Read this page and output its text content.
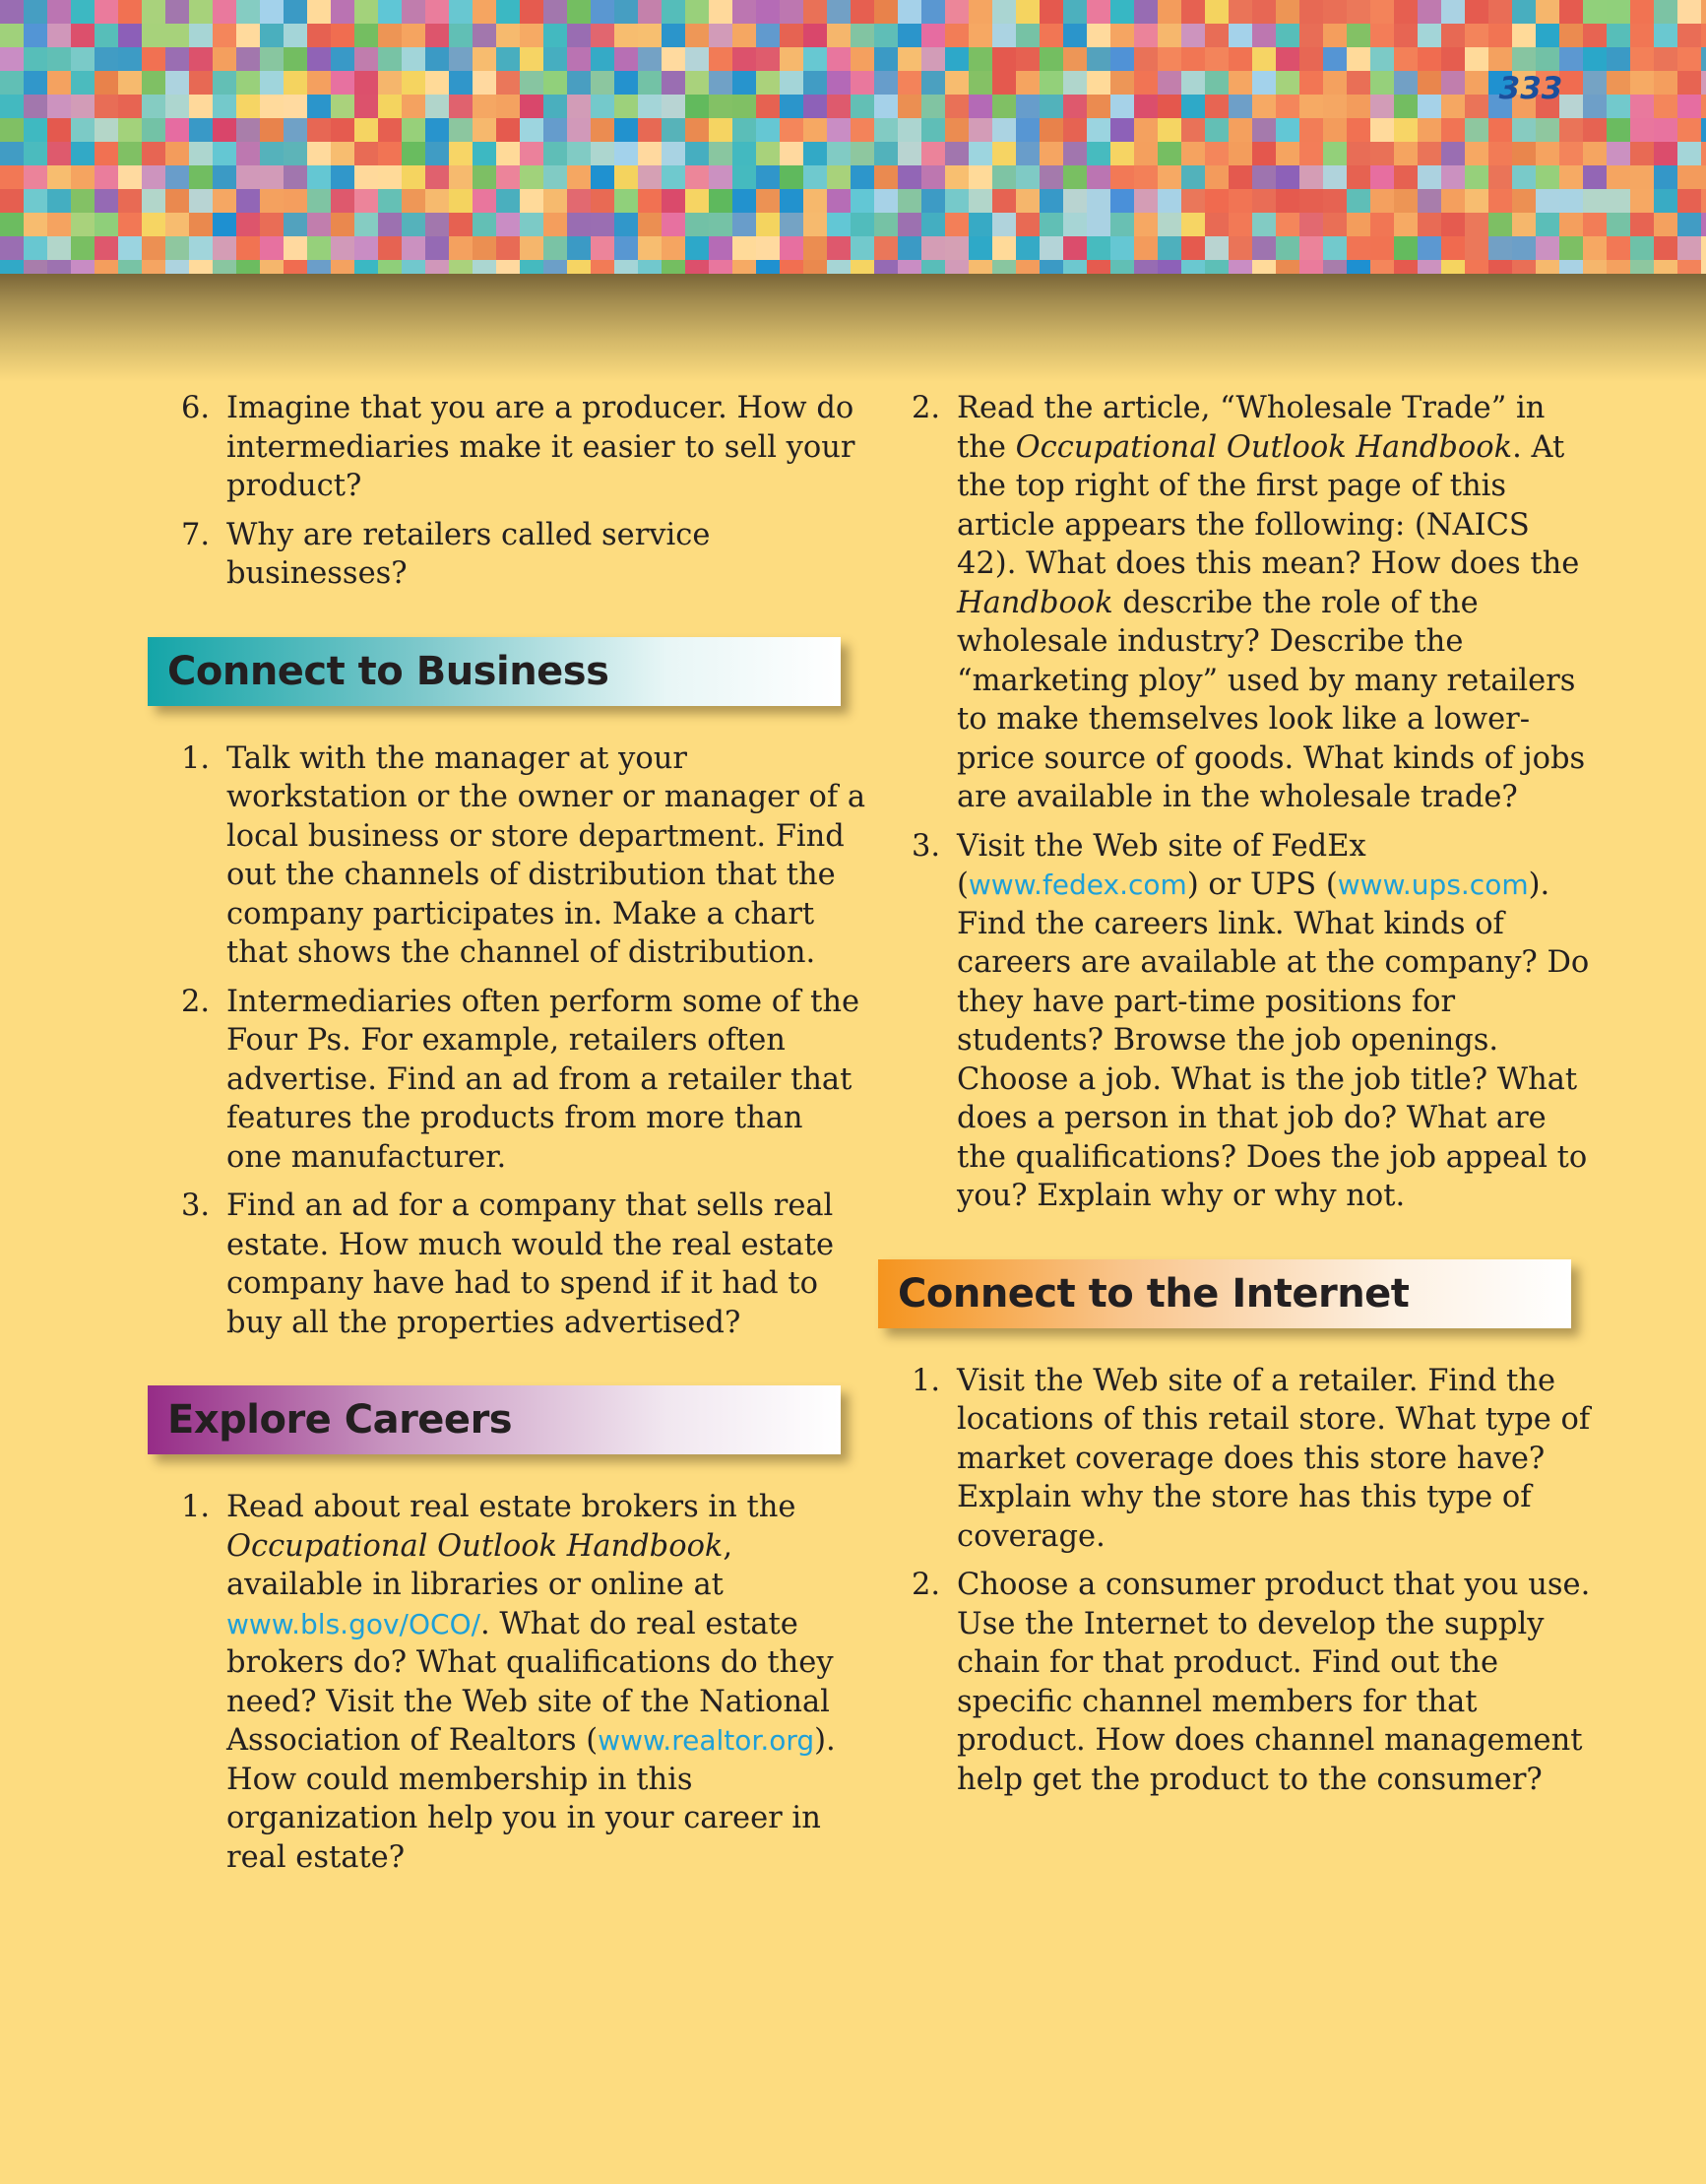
333
6. Imagine that you are a producer. How do intermediaries make it easier to sell your product?
7. Why are retailers called service businesses?
Connect to Business
1. Talk with the manager at your workstation or the owner or manager of a local business or store department. Find out the channels of distribution that the company participates in. Make a chart that shows the channel of distribution.
2. Intermediaries often perform some of the Four Ps. For example, retailers often advertise. Find an ad from a retailer that features the products from more than one manufacturer.
3. Find an ad for a company that sells real estate. How much would the real estate company have had to spend if it had to buy all the properties advertised?
Explore Careers
1. Read about real estate brokers in the Occupational Outlook Handbook, available in libraries or online at www.bls.gov/OCO/. What do real estate brokers do? What qualifications do they need? Visit the Web site of the National Association of Realtors (www.realtor.org). How could membership in this organization help you in your career in real estate?
2. Read the article, “Wholesale Trade” in the Occupational Outlook Handbook. At the top right of the first page of this article appears the following: (NAICS 42). What does this mean? How does the Handbook describe the role of the wholesale industry? Describe the “marketing ploy” used by many retailers to make themselves look like a lower-price source of goods. What kinds of jobs are available in the wholesale trade?
3. Visit the Web site of FedEx (www.fedex.com) or UPS (www.ups.com). Find the careers link. What kinds of careers are available at the company? Do they have part-time positions for students? Browse the job openings. Choose a job. What is the job title? What does a person in that job do? What are the qualifications? Does the job appeal to you? Explain why or why not.
Connect to the Internet
1. Visit the Web site of a retailer. Find the locations of this retail store. What type of market coverage does this store have? Explain why the store has this type of coverage.
2. Choose a consumer product that you use. Use the Internet to develop the supply chain for that product. Find out the specific channel members for that product. How does channel management help get the product to the consumer?
